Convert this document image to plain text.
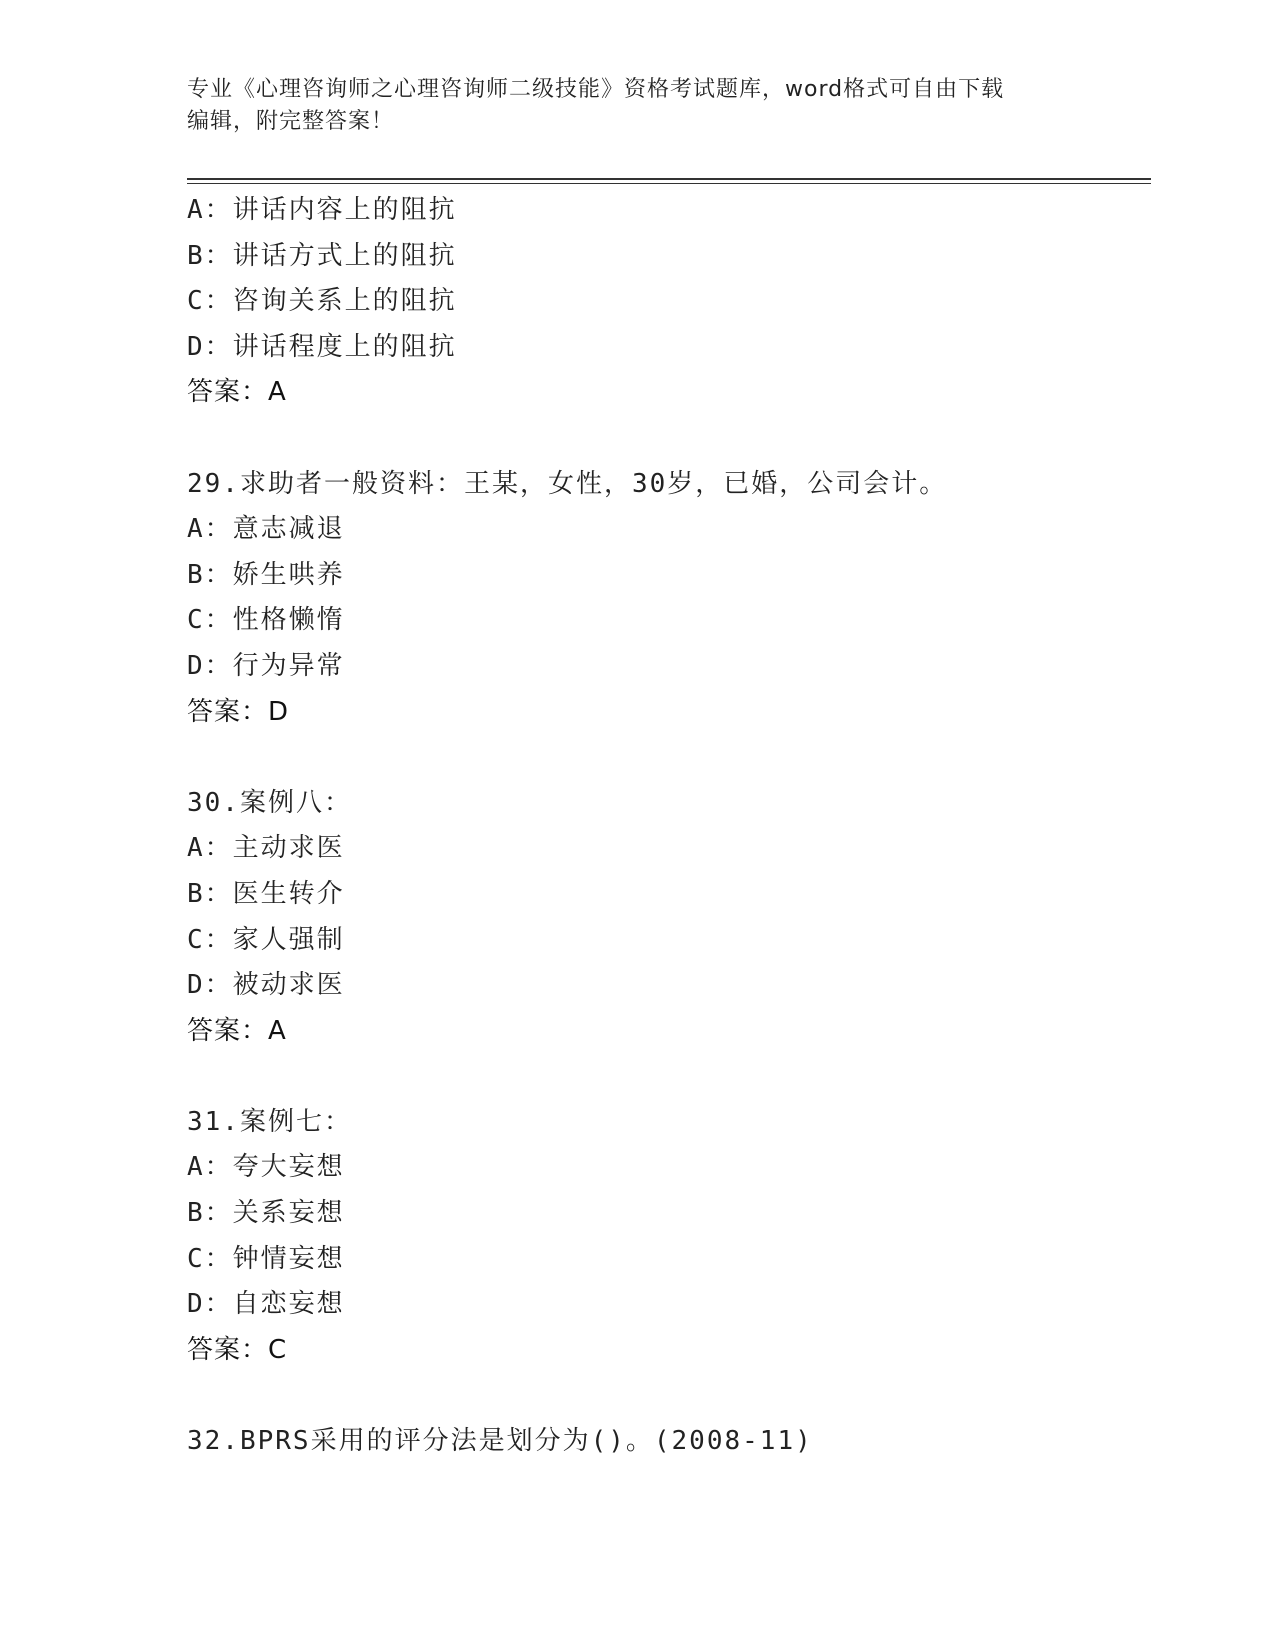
专业《心理咨询师之心理咨询师二级技能》资格考试题库，word格式可自由下载
编辑，附完整答案！
A：讲话内容上的阻抗
B：讲话方式上的阻抗
C：咨询关系上的阻抗
D：讲话程度上的阻抗
答案：A
29.求助者一般资料：王某，女性，30岁，已婚，公司会计。
A：意志减退
B：娇生哄养
C：性格懒惰
D：行为异常
答案：D
30.案例八：
A：主动求医
B：医生转介
C：家人强制
D：被动求医
答案：A
31.案例七：
A：夸大妄想
B：关系妄想
C：钟情妄想
D：自恋妄想
答案：C
32.BPRS采用的评分法是划分为()。(2008-11)
